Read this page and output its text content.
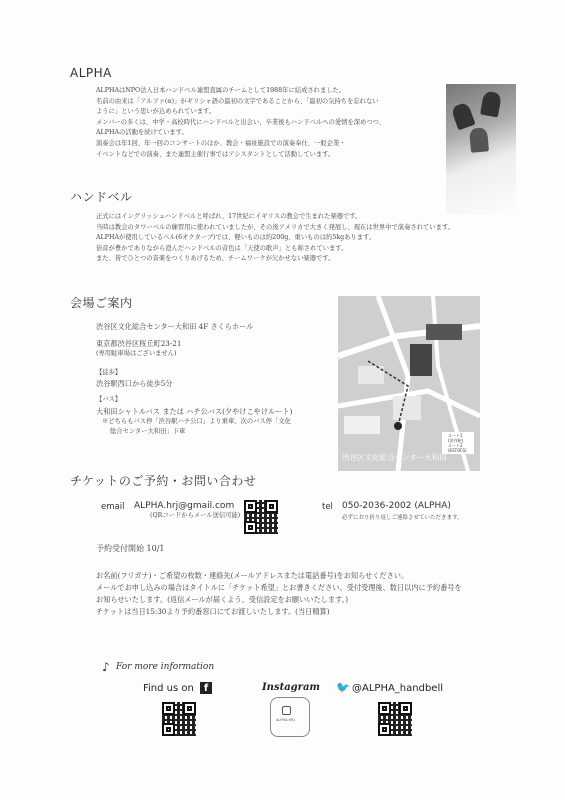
ALPHA
ALPHAはNPO法人日本ハンドベル連盟直属のチームとして1988年に結成されました。
名前の由来は「アルファ(α)」がギリシャ語の最初の文字であることから、「最初の気持ちを忘れない
ように」という思いが込められています。
メンバーの多くは、中学・高校時代にハンドベルと出会い、卒業後もハンドベルへの愛情を深めつつ、
ALPHAの活動を続けています。
演奏会は年1回、年一回のコンサートのほか、教会・福祉施設での演奏奉仕、一般企業・
イベントなどでの演奏、また連盟主催行事ではアシスタントとして活動しています。
ハンドベル
正式にはイングリッシュハンドベルと呼ばれ、17世紀にイギリスの教会で生まれた楽器です。
当時は教会のタワーベルの練習用に使われていましたが、その後アメリカで大きく発展し、現在は世界中で演奏されています。
ALPHAが使用しているベル(6オクターブ)では、軽いものは約200g、重いものは約5kgあります。
倍音が豊かでありながら澄んだハンドベルの音色は「天使の歌声」とも称されています。
また、皆でひとつの音楽をつくりあげるため、チームワークが欠かせない楽器です。
会場ご案内
渋谷区文化総合センター大和田 4F さくらホール
東京都渋谷区桜丘町23-21
(専用駐車場はございません)
【徒歩】
渋谷駅西口から徒歩5分
【バス】
大和田シャトルバス または ハチ公バス(夕やけこやけルート)
※どちらもバス停「渋谷駅ハチ公口」より乗車、次のバス停「文化
総合センター大和田」下車
渋谷区文化総合センター大和田
ルート1
(渋谷駅)
ルート2
(ESTOFS)
チケットのご予約・お問い合わせ
email ALPHA.hrj@gmail.com
(QRコードからメール送信可能)
tel 050-2036-2002 (ALPHA)
必ずにおり折り返しご連絡させていただきます。
予約受付開始 10/1
お名前(フリガナ)・ご希望の枚数・連絡先(メールアドレスまたは電話番号)をお知らせください。
メールでお申し込みの場合はタイトルに「チケット希望」とお書きください。受付受理後、数日以内に予約番号を
お知らせいたします。(返信メールが届くよう、受信設定をお願いいたします。)
チケットは当日15:30より予約番窓口にてお渡しいたします。(当日精算)
♪ For more information
Find us on f	Instagram
ALPHA.HRJ
🐦 @ALPHA_handbell
